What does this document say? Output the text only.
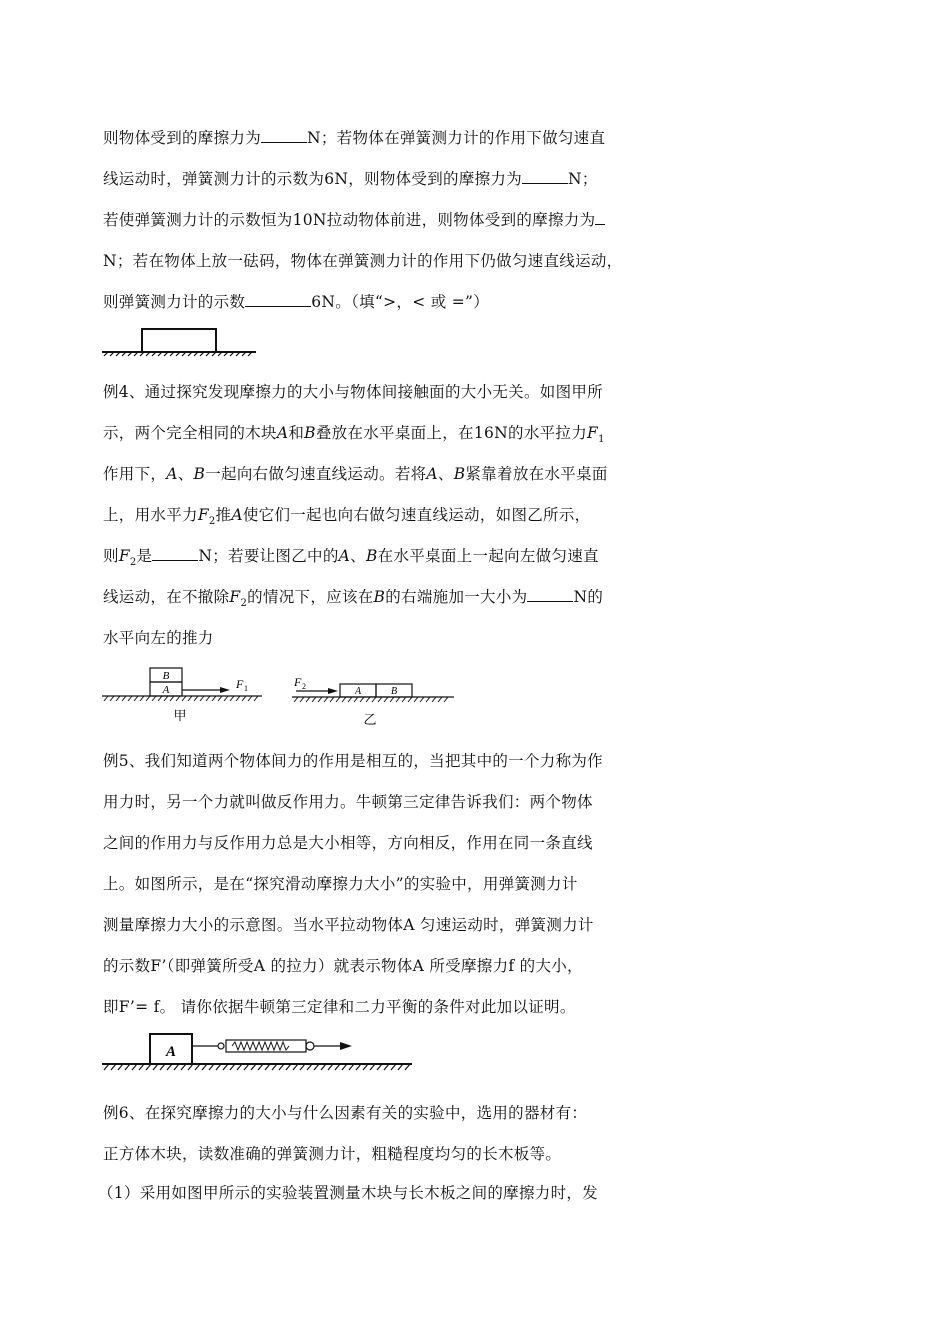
则物体受到的摩擦力为	N；若物体在弹簧测力计的作用下做匀速直
线运动时，弹簧测力计的示数为6N，则物体受到的摩擦力为	N；
若使弹簧测力计的示数恒为10N拉动物体前进，则物体受到的摩擦力为
N；若在物体上放一砝码，物体在弹簧测力计的作用下仍做匀速直线运动，
则弹簧测力计的示数	6N。（填“>，< 或 =”）
例4、通过探究发现摩擦力的大小与物体间接触面的大小无关。如图甲所
示，两个完全相同的木块A和B叠放在水平桌面上，在16N的水平拉力$F_1$
作用下，A、B一起向右做匀速直线运动。若将A、B紧靠着放在水平桌面
上，用水平力$F_2$推A使它们一起也向右做匀速直线运动，如图乙所示，
则$F_2$是	N；若要让图乙中的A、B在水平桌面上一起向左做匀速直
线运动，在不撤除$F_2$的情况下，应该在B的右端施加一大小为	N的
水平向左的推力
B
A	F 1
甲
F 2	A	B
乙
例5、我们知道两个物体间力的作用是相互的，当把其中的一个力称为作
用力时，另一个力就叫做反作用力。牛顿第三定律告诉我们：两个物体
之间的作用力与反作用力总是大小相等，方向相反，作用在同一条直线
上。如图所示，是在“探究滑动摩擦力大小”的实验中，用弹簧测力计
测量摩擦力大小的示意图。当水平拉动物体A 匀速运动时，弹簧测力计
的示数F’（即弹簧所受A 的拉力）就表示物体A 所受摩擦力f 的大小，
即F’= f。 请你依据牛顿第三定律和二力平衡的条件对此加以证明。
A
例6、在探究摩擦力的大小与什么因素有关的实验中，选用的器材有：
正方体木块，读数准确的弹簧测力计，粗糙程度均匀的长木板等。
（1）采用如图甲所示的实验装置测量木块与长木板之间的摩擦力时，发
